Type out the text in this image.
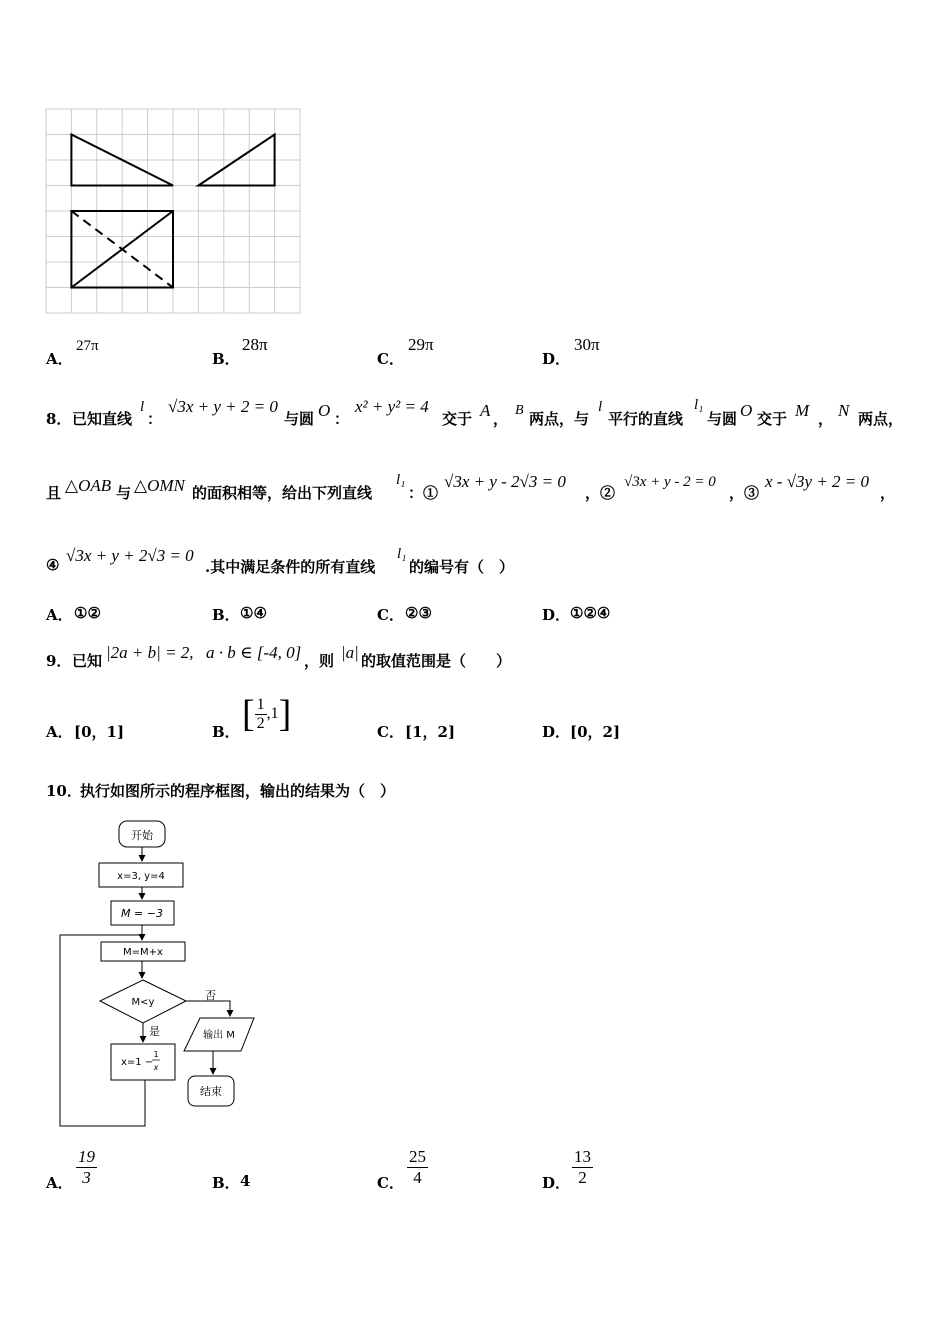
A．
27π
B．
28π
C．
29π
D．
30π
8． 已知直线
l
：
√3x + y + 2 = 0
与圆 O ：
x² + y² = 4
交于 A ， B 两点，与
l
平行的直线
l₁
与圆 O 交于 M ， N 两点，
且 △OAB 与 △OMN 的面积相等，给出下列直线
l₁
：①
√3x + y - 2√3 = 0
，②
√3x + y - 2 = 0
，③
x - √3y + 2 = 0
，
④ √3x + y + 2√3 = 0
.其中满足条件的所有直线
l₁
的编号有（　）
A． ①②	B． ①④	C． ②③	D． ①②④
9． 已知 |2a + b| = 2, a · b ∈ [-4, 0] ，则 |a| 的取值范围是（　　）
A． [0，1]	B． [ $\frac{1}{2} ,1$ ]	C． [1，2]	D． [0，2]
10．
执行如图所示的程序框图，输出的结果为（　）
开始
x=3, y=4
M = −3
M=M+x
M<y
否
是	输出 M
x=1 −
1
x
结束
A． $\frac{19}{3}$	B． 4	C． $\frac{25}{4}$	D． $\frac{13}{2}$
